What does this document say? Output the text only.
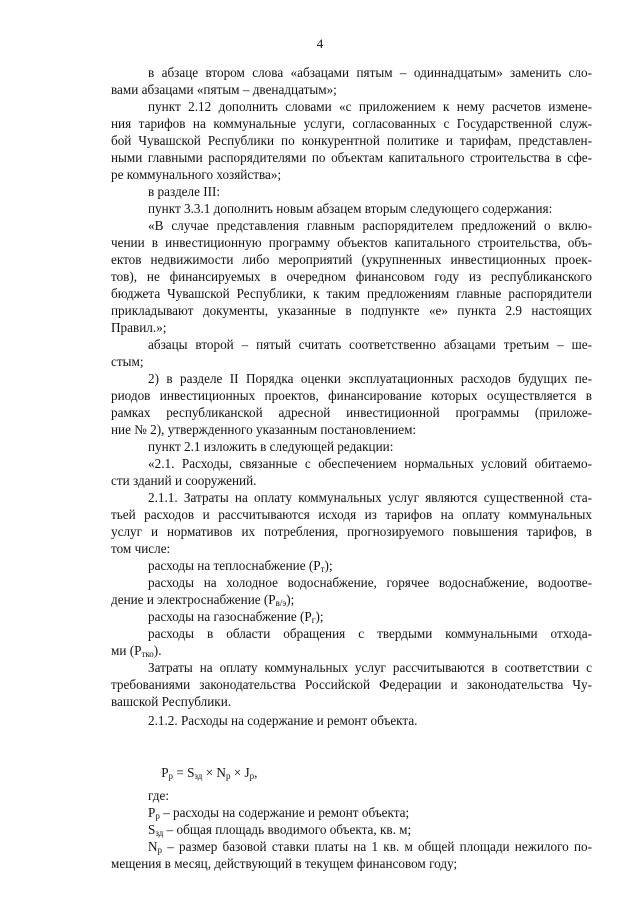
4
в абзаце втором слова «абзацами пятым – одиннадцатым» заменить сло-
вами абзацами «пятым – двенадцатым»;
пункт 2.12 дополнить словами «с приложением к нему расчетов измене-
ния тарифов на коммунальные услуги, согласованных с Государственной служ-
бой Чувашской Республики по конкурентной политике и тарифам, представлен-
ными главными распорядителями по объектам капитального строительства в сфе-
ре коммунального хозяйства»;
в разделе III:
пункт 3.3.1 дополнить новым абзацем вторым следующего содержания:
«В случае представления главным распорядителем предложений о вклю-
чении в инвестиционную программу объектов капитального строительства, объ-
ектов недвижимости либо мероприятий (укрупненных инвестиционных проек-
тов), не финансируемых в очередном финансовом году из республиканского
бюджета Чувашской Республики, к таким предложениям главные распорядители
прикладывают документы, указанные в подпункте «е» пункта 2.9 настоящих
Правил.»;
абзацы второй – пятый считать соответственно абзацами третьим – ше-
стым;
2) в разделе II Порядка оценки эксплуатационных расходов будущих пе-
риодов инвестиционных проектов, финансирование которых осуществляется в
рамках республиканской адресной инвестиционной программы (приложе-
ние № 2), утвержденного указанным постановлением:
пункт 2.1 изложить в следующей редакции:
«2.1. Расходы, связанные с обеспечением нормальных условий обитаемо-
сти зданий и сооружений.
2.1.1. Затраты на оплату коммунальных услуг являются существенной ста-
тьей расходов и рассчитываются исходя из тарифов на оплату коммунальных
услуг и нормативов их потребления, прогнозируемого повышения тарифов, в
том числе:
расходы на теплоснабжение $(Р_т)$;
расходы на холодное водоснабжение, горячее водоснабжение, водоотве-
дение и электроснабжение $(Р_{в/э})$;
расходы на газоснабжение $(Р_г)$;
расходы в области обращения с твердыми коммунальными отхода-
ми $(Р_{тко})$.
Затраты на оплату коммунальных услуг рассчитываются в соответствии с
требованиями законодательства Российской Федерации и законодательства Чу-
вашской Республики.
2.1.2. Расходы на содержание и ремонт объекта.

$Р_р = S_{зд} \times N_р \times J_р$,

где:
$Р_р$ – расходы на содержание и ремонт объекта;
$S_{зд}$ – общая площадь вводимого объекта, кв. м;
$N_р$ – размер базовой ставки платы на 1 кв. м общей площади нежилого по-
мещения в месяц, действующий в текущем финансовом году;
